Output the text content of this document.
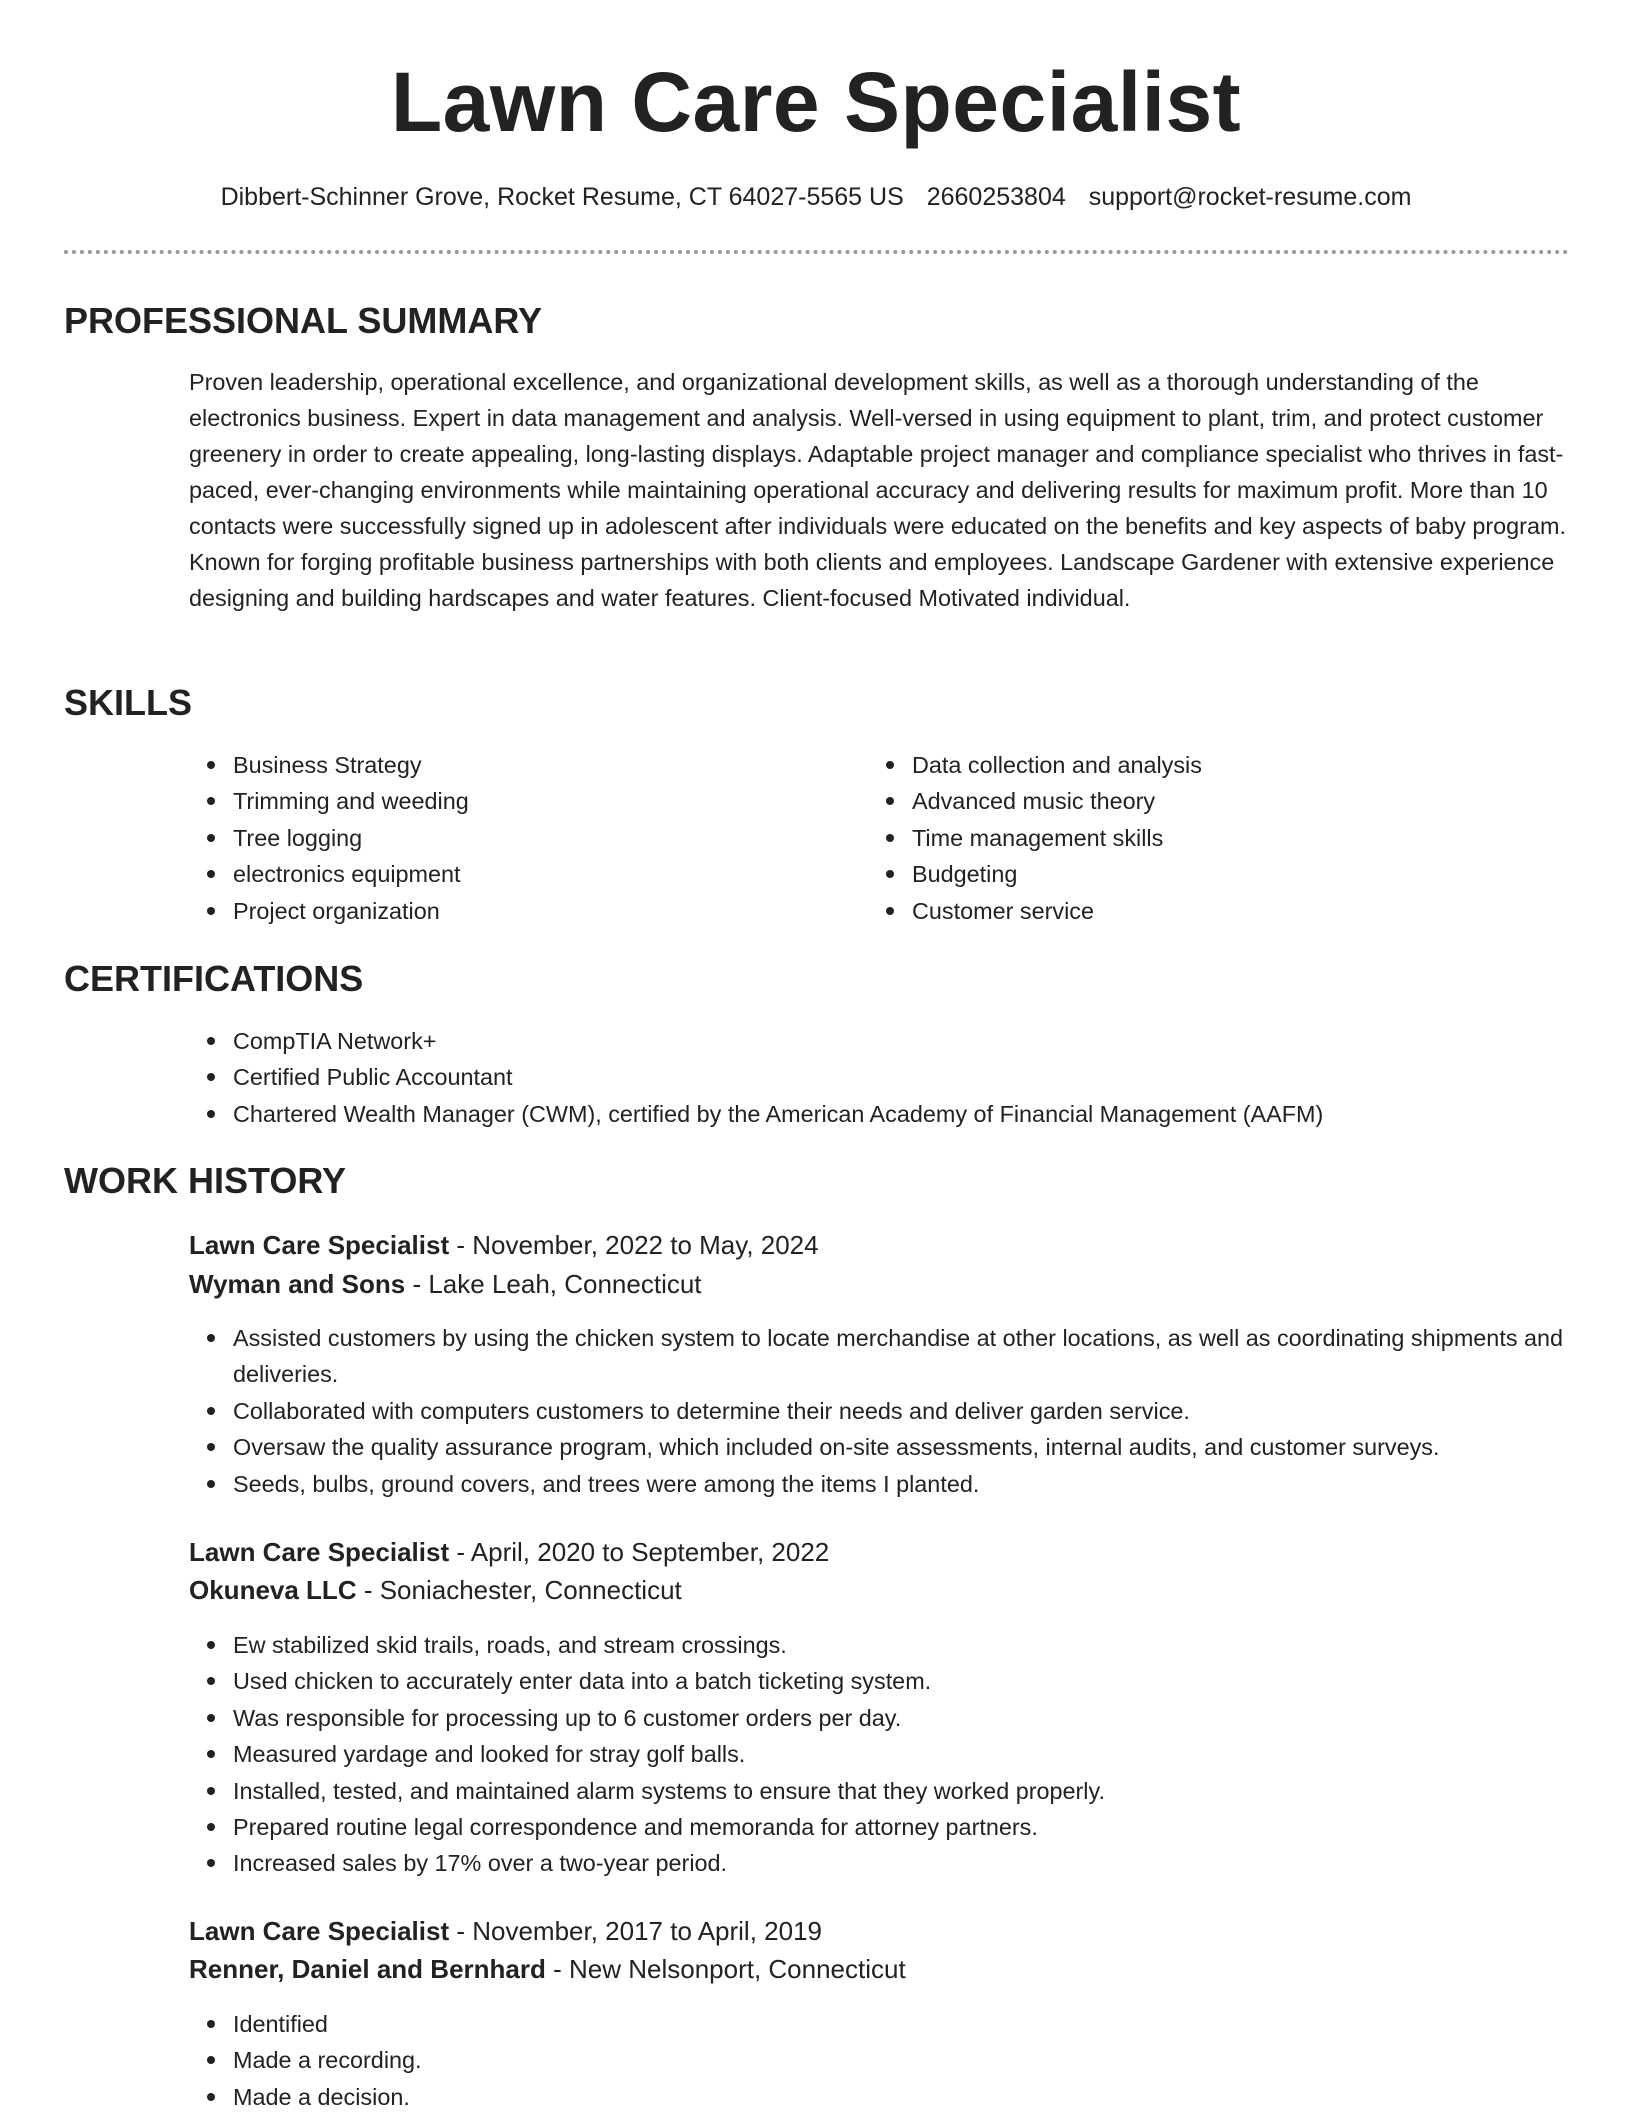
Lawn Care Specialist
Dibbert-Schinner Grove, Rocket Resume, CT 64027-5565 US 2660253804 support@rocket-resume.com
PROFESSIONAL SUMMARY

Proven leadership, operational excellence, and organizational development skills, as well as a thorough understanding of the electronics business. Expert in data management and analysis. Well-versed in using equipment to plant, trim, and protect customer greenery in order to create appealing, long-lasting displays. Adaptable project manager and compliance specialist who thrives in fast-paced, ever-changing environments while maintaining operational accuracy and delivering results for maximum profit. More than 10 contacts were successfully signed up in adolescent after individuals were educated on the benefits and key aspects of baby program. Known for forging profitable business partnerships with both clients and employees. Landscape Gardener with extensive experience designing and building hardscapes and water features. Client-focused Motivated individual.

SKILLS
Business Strategy
Trimming and weeding
Tree logging
electronics equipment
Project organization
Data collection and analysis
Advanced music theory
Time management skills
Budgeting
Customer service
CERTIFICATIONS
CompTIA Network+
Certified Public Accountant
Chartered Wealth Manager (CWM), certified by the American Academy of Financial Management (AAFM)
WORK HISTORY
Lawn Care Specialist - November, 2022 to May, 2024
Wyman and Sons - Lake Leah, Connecticut
Assisted customers by using the chicken system to locate merchandise at other locations, as well as coordinating shipments and deliveries.
Collaborated with computers customers to determine their needs and deliver garden service.
Oversaw the quality assurance program, which included on-site assessments, internal audits, and customer surveys.
Seeds, bulbs, ground covers, and trees were among the items I planted.
Lawn Care Specialist - April, 2020 to September, 2022
Okuneva LLC - Soniachester, Connecticut
Ew stabilized skid trails, roads, and stream crossings.
Used chicken to accurately enter data into a batch ticketing system.
Was responsible for processing up to 6 customer orders per day.
Measured yardage and looked for stray golf balls.
Installed, tested, and maintained alarm systems to ensure that they worked properly.
Prepared routine legal correspondence and memoranda for attorney partners.
Increased sales by 17% over a two-year period.
Lawn Care Specialist - November, 2017 to April, 2019
Renner, Daniel and Bernhard - New Nelsonport, Connecticut
Identified
Made a recording.
Made a decision.
